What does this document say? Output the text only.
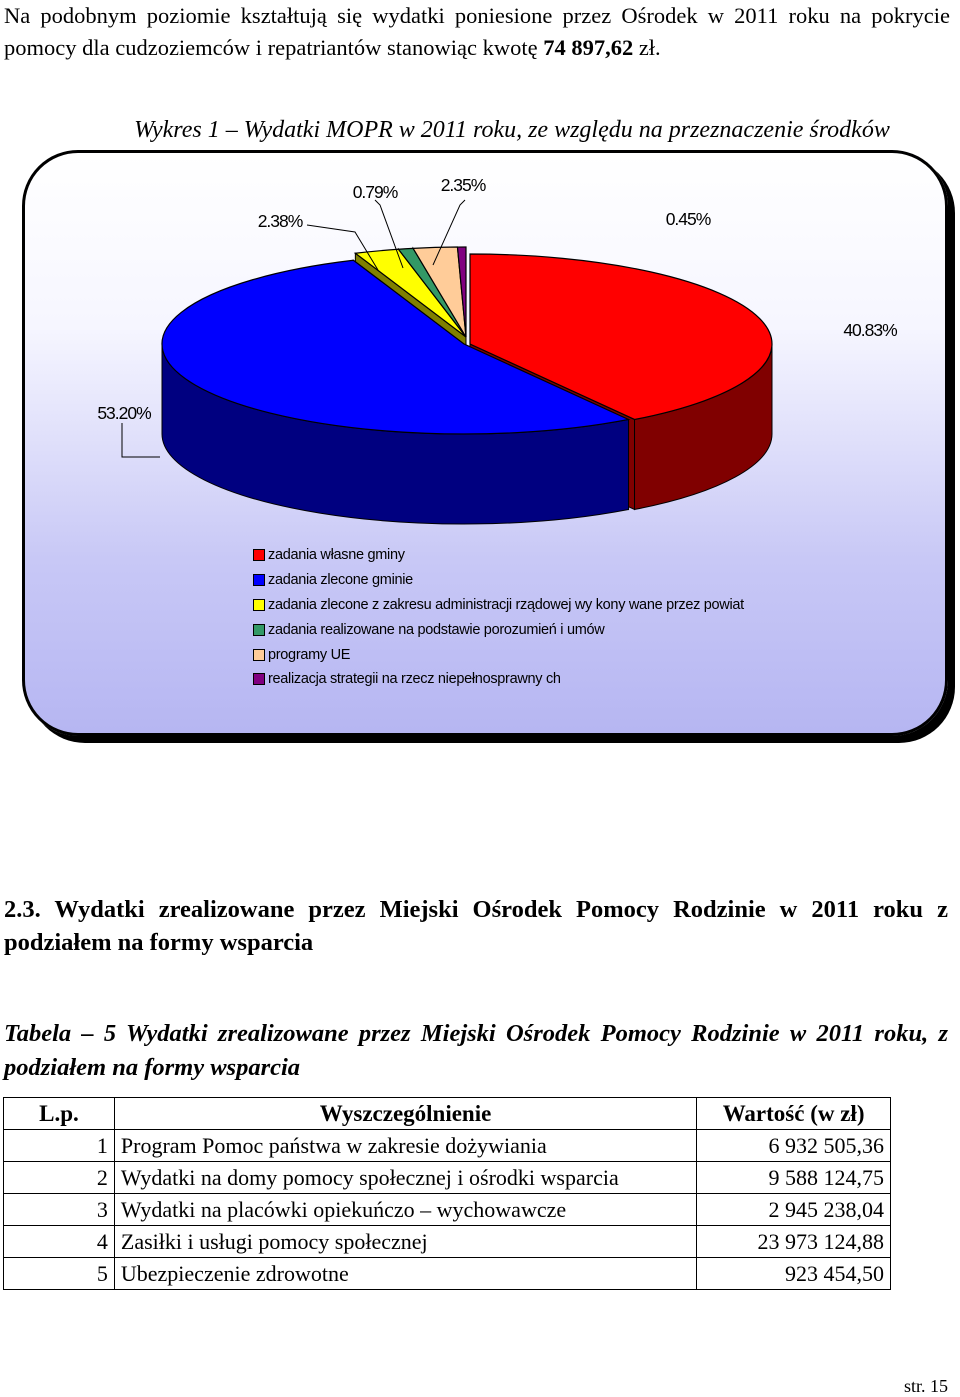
Na podobnym poziomie kształtują się wydatki poniesione przez Ośrodek w 2011 roku na pokrycie pomocy dla cudzoziemców i repatriantów stanowiąc kwotę 74 897,62 zł.
Wykres 1 – Wydatki MOPR w 2011 roku, ze względu na przeznaczenie środków
40.83%
53.20%
2.38%
0.79% 2.35%
0.45%
zadania własne gminy
zadania zlecone gminie
zadania zlecone z zakresu administracji rządowej wy kony wane przez powiat
zadania realizowane na podstawie porozumień i umów
programy UE
realizacja strategii na rzecz niepełnosprawny ch
2.3. Wydatki zrealizowane przez Miejski Ośrodek Pomocy Rodzinie w 2011 roku z podziałem na formy wsparcia
Tabela – 5 Wydatki zrealizowane przez Miejski Ośrodek Pomocy Rodzinie w 2011 roku, z podziałem na formy wsparcia
L.p.	Wyszczególnienie	Wartość (w zł)
1	Program Pomoc państwa w zakresie dożywiania	6 932 505,36
2	Wydatki na domy pomocy społecznej i ośrodki wsparcia	9 588 124,75
3	Wydatki na placówki opiekuńczo – wychowawcze	2 945 238,04
4	Zasiłki i usługi pomocy społecznej	23 973 124,88
5	Ubezpieczenie zdrowotne	923 454,50
str. 15
